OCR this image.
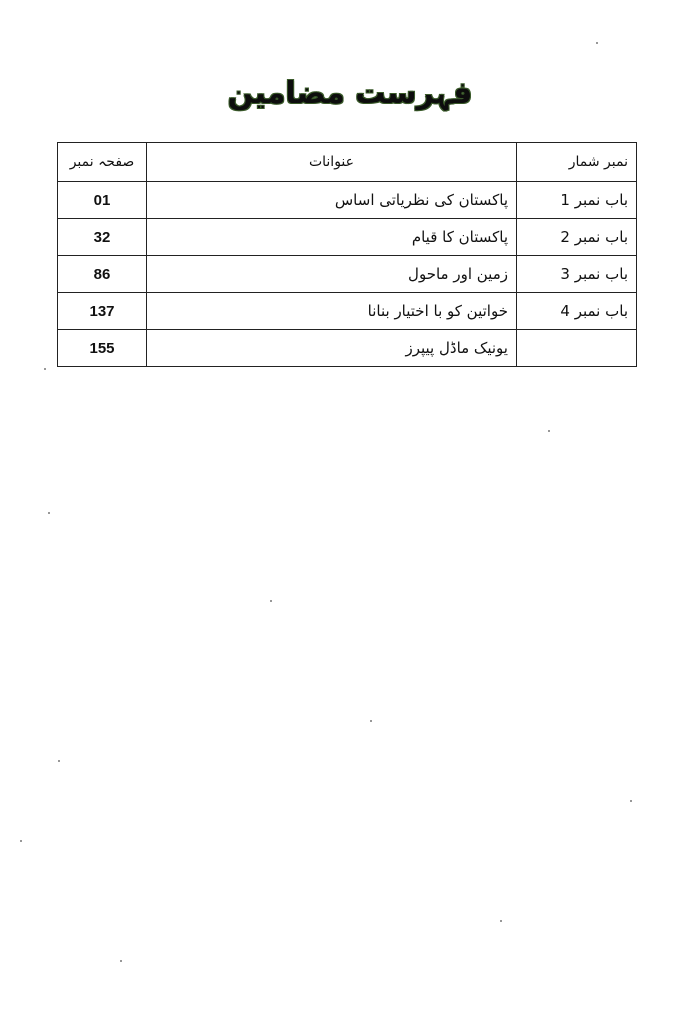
فہرست مضامین
نمبر شمار	عنوانات	صفحہ نمبر
باب نمبر 1	پاکستان کی نظریاتی اساس	01
باب نمبر 2	پاکستان کا قیام	32
باب نمبر 3	زمین اور ماحول	86
باب نمبر 4	خواتین کو با اختیار بنانا	137
	یونیک ماڈل پیپرز	155
